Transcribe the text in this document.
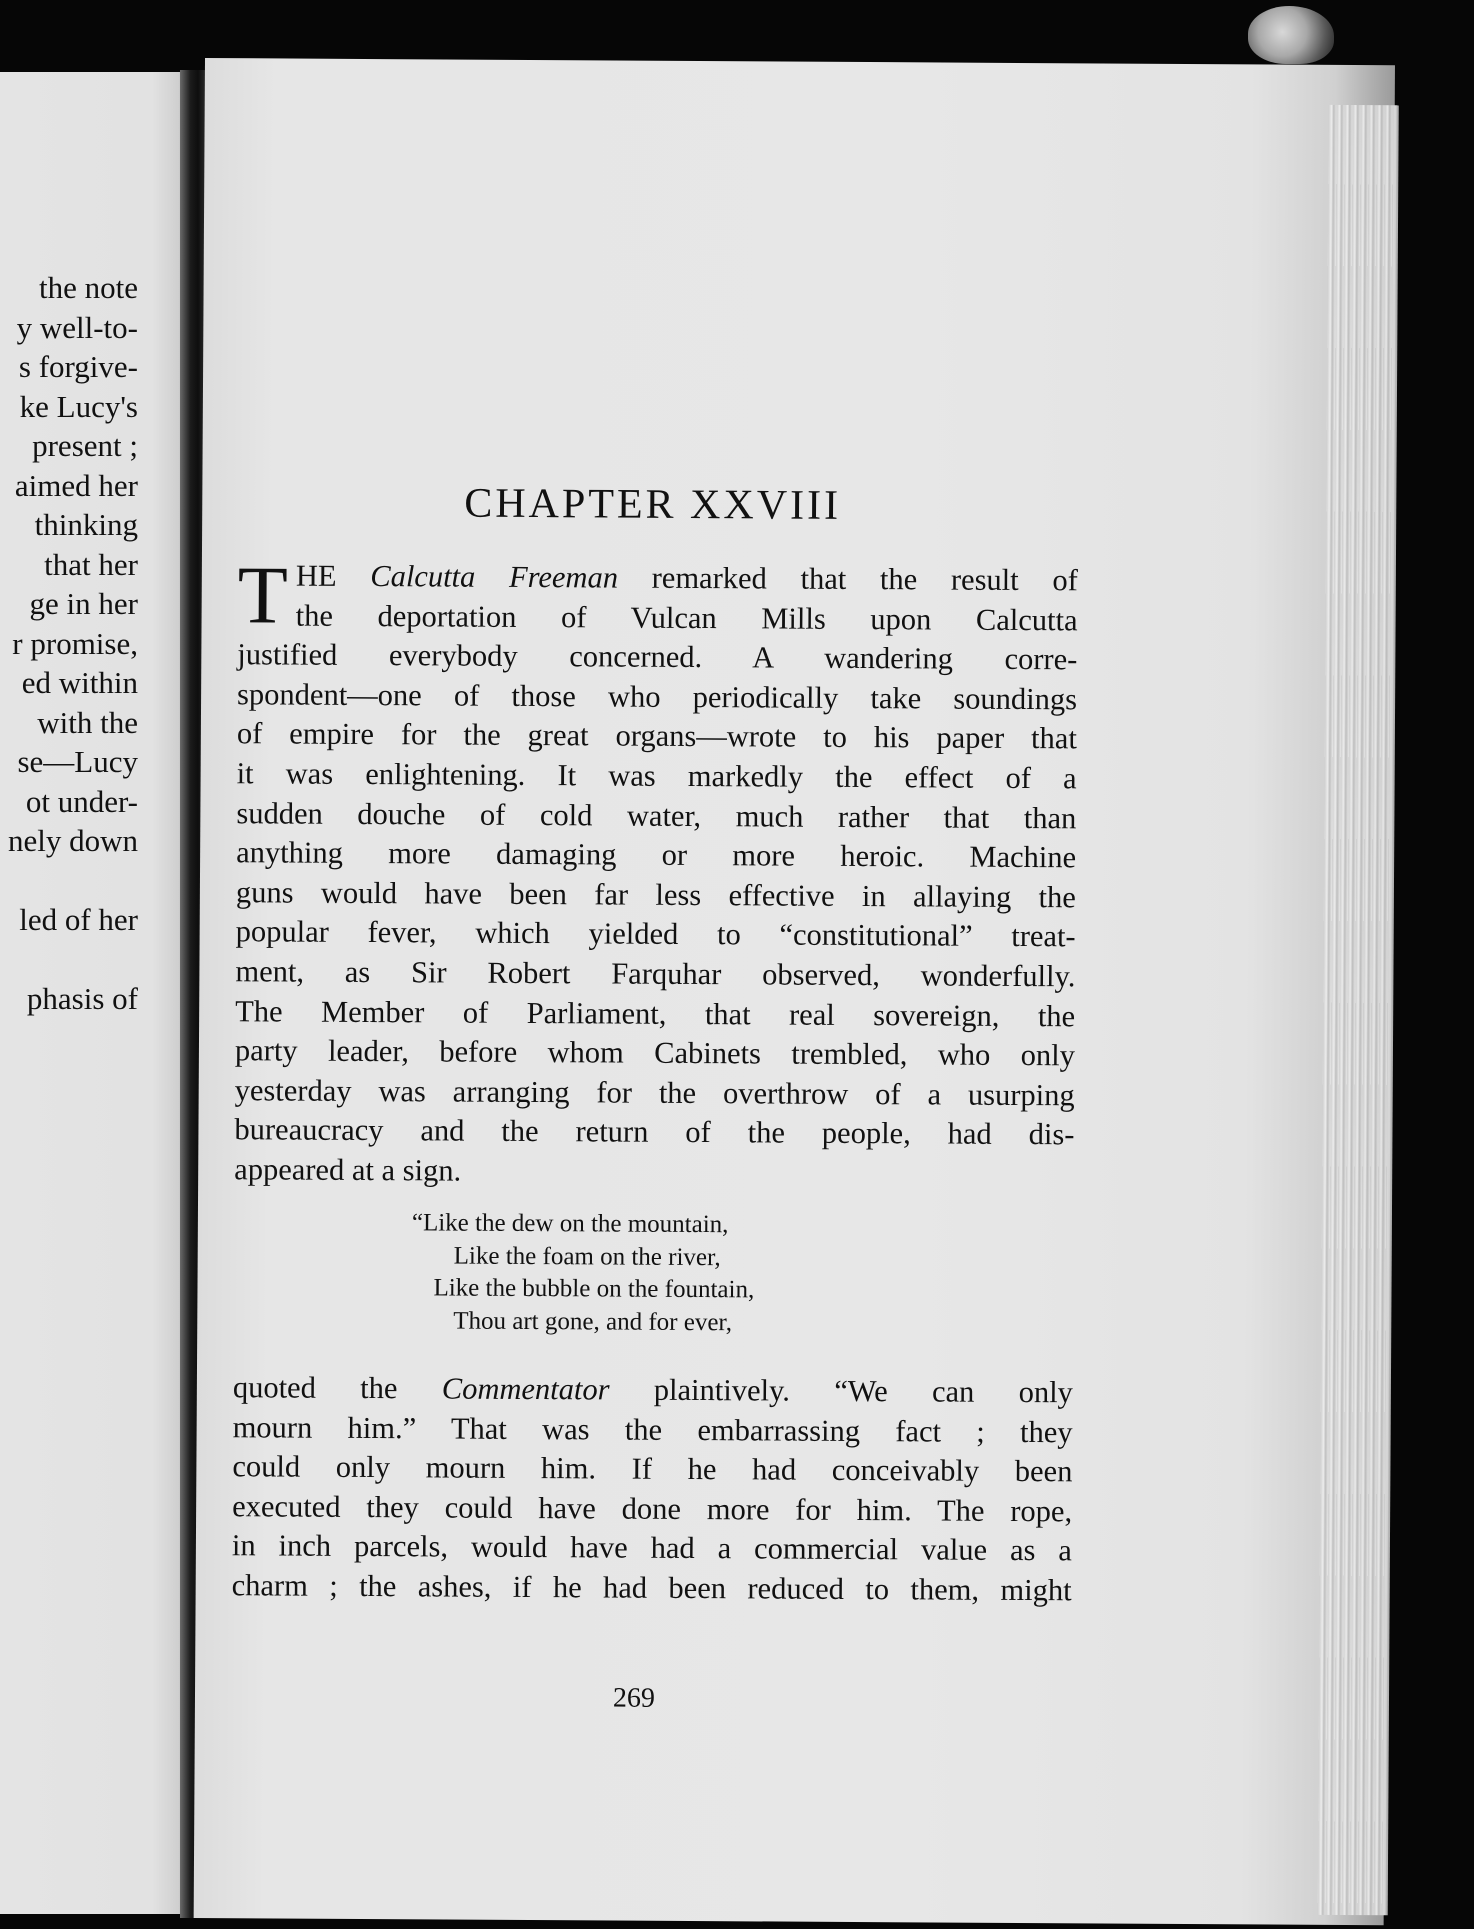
the note
y well-to-
s forgive-
ke Lucy's
present ;
aimed her
thinking
that her
ge in her
r promise,
ed within
with the
se—Lucy
ot under-
nely down
led of her
phasis of
CHAPTER XXVIII
T HE Calcutta Freeman remarked that the result of
the deportation of Vulcan Mills upon Calcutta
justified everybody concerned. A wandering corre-
spondent—one of those who periodically take soundings
of empire for the great organs—wrote to his paper that
it was enlightening. It was markedly the effect of a
sudden douche of cold water, much rather that than
anything more damaging or more heroic. Machine
guns would have been far less effective in allaying the
popular fever, which yielded to “constitutional” treat-
ment, as Sir Robert Farquhar observed, wonderfully.
The Member of Parliament, that real sovereign, the
party leader, before whom Cabinets trembled, who only
yesterday was arranging for the overthrow of a usurping
bureaucracy and the return of the people, had dis-
appeared at a sign.
“Like the dew on the mountain,
Like the foam on the river,
Like the bubble on the fountain,
Thou art gone, and for ever,
quoted the Commentator plaintively. “We can only
mourn him.” That was the embarrassing fact ; they
could only mourn him. If he had conceivably been
executed they could have done more for him. The rope,
in inch parcels, would have had a commercial value as a
charm ; the ashes, if he had been reduced to them, might
269
